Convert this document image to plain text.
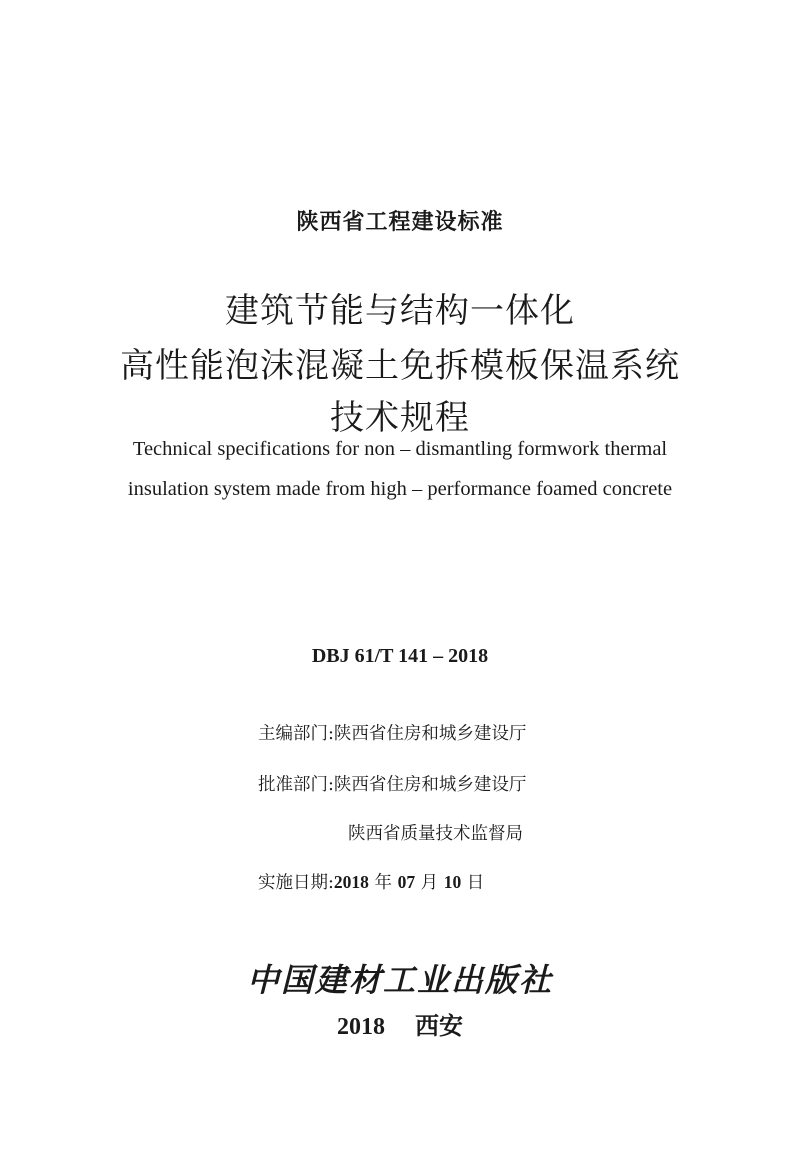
陕西省工程建设标准
建筑节能与结构一体化
高性能泡沫混凝土免拆模板保温系统
技术规程
Technical specifications for non – dismantling formwork thermal
insulation system made from high – performance foamed concrete
DBJ 61/T 141 – 2018
主编部门:陕西省住房和城乡建设厅
批准部门:陕西省住房和城乡建设厅
陕西省质量技术监督局
实施日期:2018 年 07 月 10 日
中国建材工业出版社
2018 西安
